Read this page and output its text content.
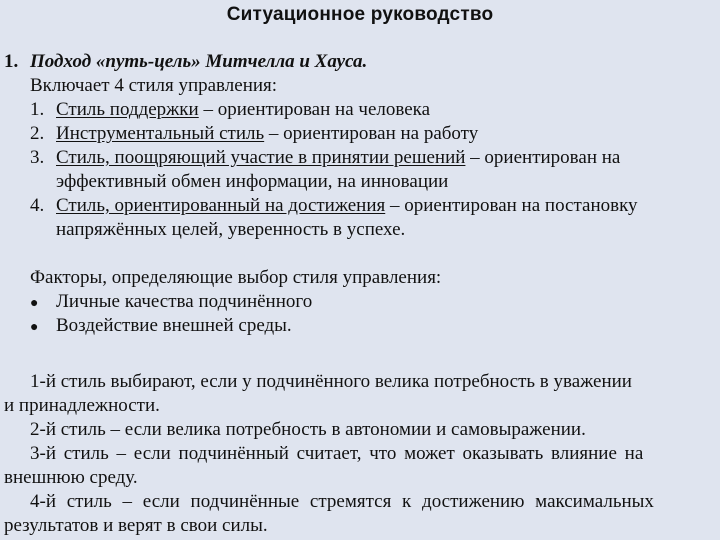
Ситуационное руководство
1. Подход «путь-цель» Митчелла и Хауса.
Включает 4 стиля управления:
1. Стиль поддержки – ориентирован на человека
2. Инструментальный стиль – ориентирован на работу
3. Стиль, поощряющий участие в принятии решений – ориентирован на
эффективный обмен информации, на инновации
4. Стиль, ориентированный на достижения – ориентирован на постановку
напряжённых целей, уверенность в успехе.
Факторы, определяющие выбор стиля управления:
● Личные качества подчинённого
● Воздействие внешней среды.
1-й стиль выбирают, если у подчинённого велика потребность в уважении
и принадлежности.
2-й стиль – если велика потребность в автономии и самовыражении.
3-й стиль – если подчинённый считает, что может оказывать влияние на
внешнюю среду.
4-й стиль – если подчинённые стремятся к достижению максимальных
результатов и верят в свои силы.
